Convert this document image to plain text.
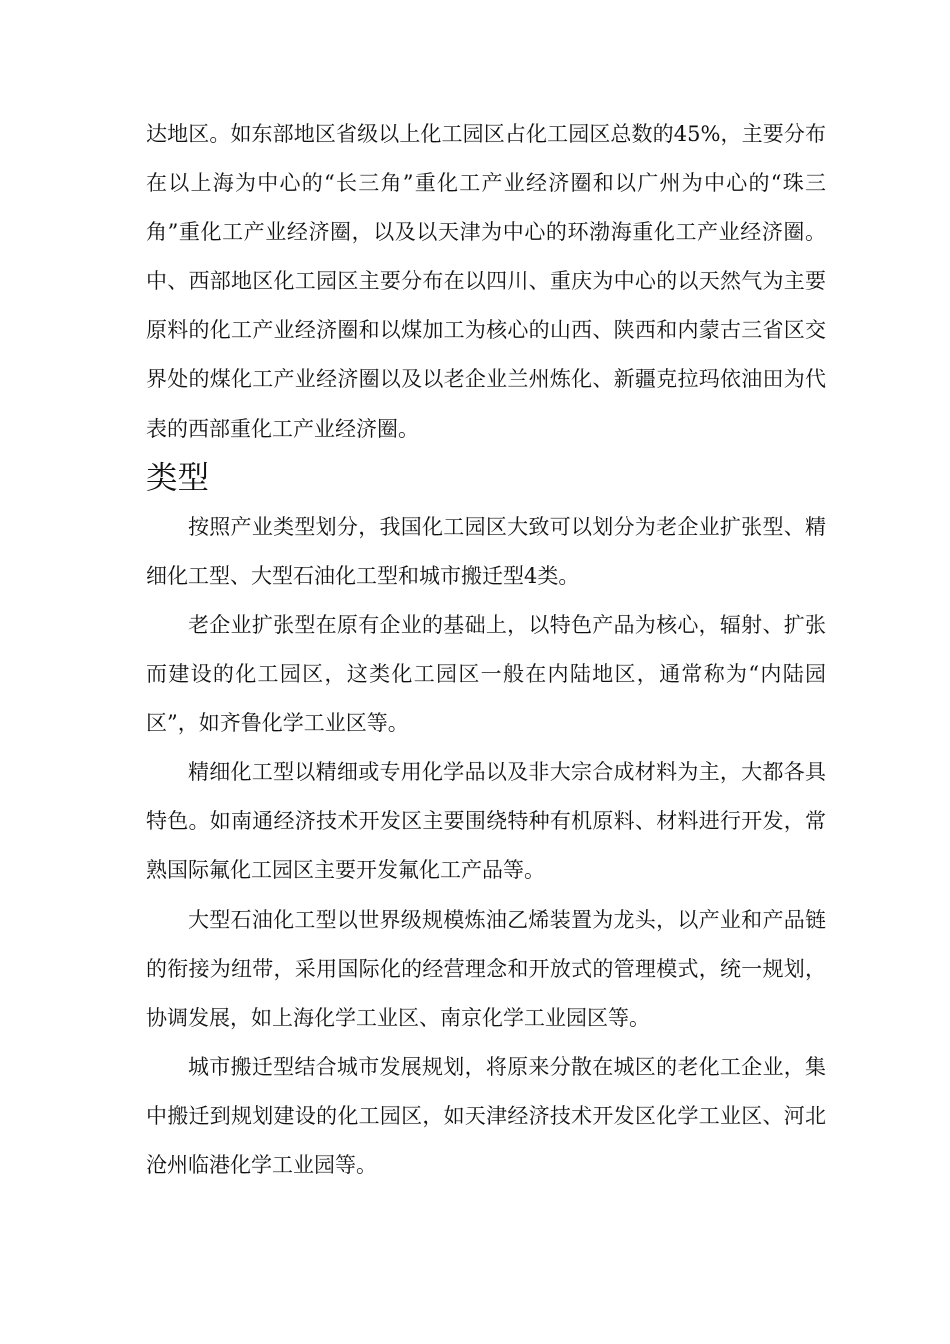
达地区。如东部地区省级以上化工园区占化工园区总数的45%，主要分布在以上海为中心的“长三角”重化工产业经济圈和以广州为中心的“珠三角”重化工产业经济圈，以及以天津为中心的环渤海重化工产业经济圈。中、西部地区化工园区主要分布在以四川、重庆为中心的以天然气为主要原料的化工产业经济圈和以煤加工为核心的山西、陕西和内蒙古三省区交界处的煤化工产业经济圈以及以老企业兰州炼化、新疆克拉玛依油田为代表的西部重化工产业经济圈。

类型

按照产业类型划分，我国化工园区大致可以划分为老企业扩张型、精细化工型、大型石油化工型和城市搬迁型4类。

老企业扩张型在原有企业的基础上，以特色产品为核心，辐射、扩张而建设的化工园区，这类化工园区一般在内陆地区，通常称为“内陆园区”，如齐鲁化学工业区等。

精细化工型以精细或专用化学品以及非大宗合成材料为主，大都各具特色。如南通经济技术开发区主要围绕特种有机原料、材料进行开发，常熟国际氟化工园区主要开发氟化工产品等。

大型石油化工型以世界级规模炼油乙烯装置为龙头，以产业和产品链的衔接为纽带，采用国际化的经营理念和开放式的管理模式，统一规划，协调发展，如上海化学工业区、南京化学工业园区等。

城市搬迁型结合城市发展规划，将原来分散在城区的老化工企业，集中搬迁到规划建设的化工园区，如天津经济技术开发区化学工业区、河北沧州临港化学工业园等。
